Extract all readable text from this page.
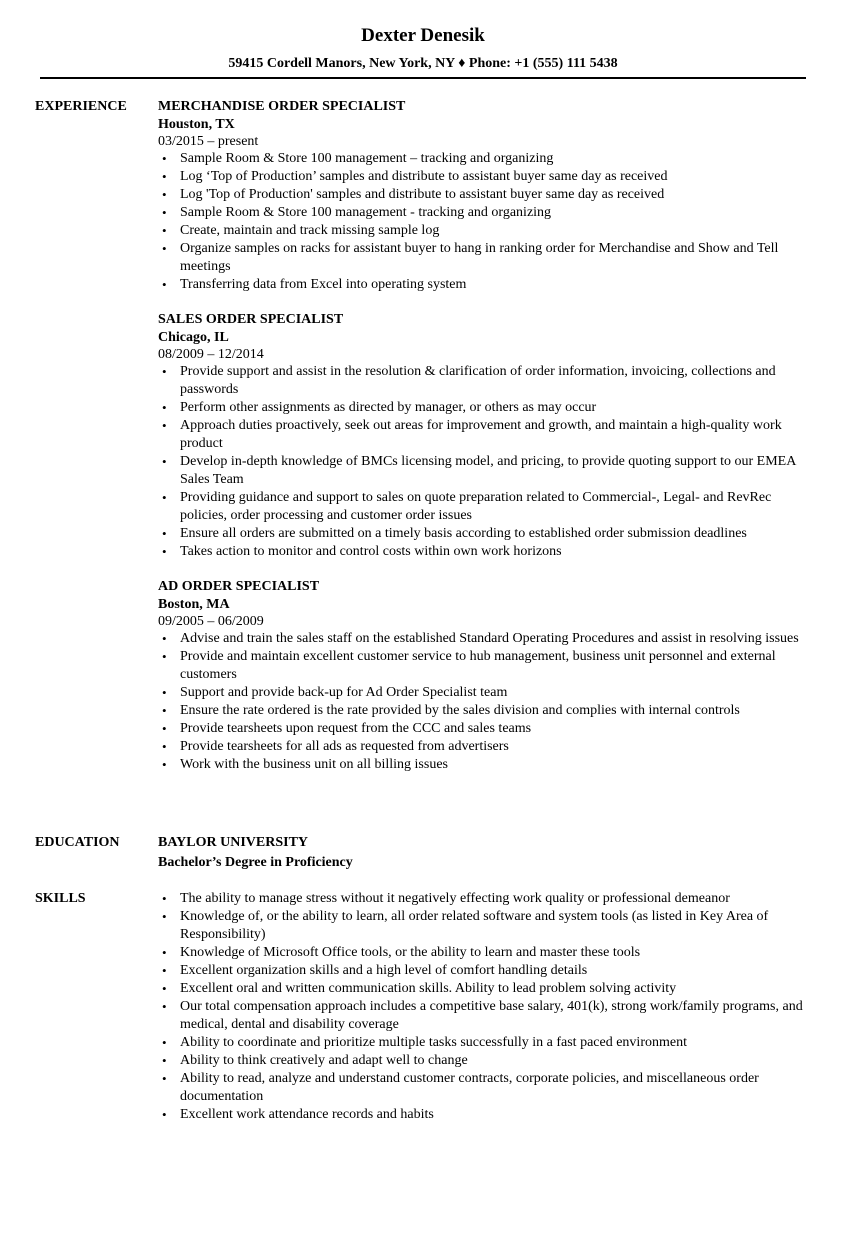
Dexter Denesik
59415 Cordell Manors, New York, NY ♦ Phone: +1 (555) 111 5438
EXPERIENCE	MERCHANDISE ORDER SPECIALIST
Houston, TX
03/2015 – present
• Sample Room & Store 100 management – tracking and organizing
• Log ‘Top of Production’ samples and distribute to assistant buyer same day as received
• Log 'Top of Production' samples and distribute to assistant buyer same day as received
• Sample Room & Store 100 management - tracking and organizing
• Create, maintain and track missing sample log
• Organize samples on racks for assistant buyer to hang in ranking order for Merchandise and Show and Tell meetings
• Transferring data from Excel into operating system
SALES ORDER SPECIALIST
Chicago, IL
08/2009 – 12/2014
• Provide support and assist in the resolution & clarification of order information, invoicing, collections and passwords
• Perform other assignments as directed by manager, or others as may occur
• Approach duties proactively, seek out areas for improvement and growth, and maintain a high-quality work product
• Develop in-depth knowledge of BMCs licensing model, and pricing, to provide quoting support to our EMEA Sales Team
• Providing guidance and support to sales on quote preparation related to Commercial-, Legal- and RevRec policies, order processing and customer order issues
• Ensure all orders are submitted on a timely basis according to established order submission deadlines
• Takes action to monitor and control costs within own work horizons
AD ORDER SPECIALIST
Boston, MA
09/2005 – 06/2009
• Advise and train the sales staff on the established Standard Operating Procedures and assist in resolving issues
• Provide and maintain excellent customer service to hub management, business unit personnel and external customers
• Support and provide back-up for Ad Order Specialist team
• Ensure the rate ordered is the rate provided by the sales division and complies with internal controls
• Provide tearsheets upon request from the CCC and sales teams
• Provide tearsheets for all ads as requested from advertisers
• Work with the business unit on all billing issues
EDUCATION	BAYLOR UNIVERSITY
Bachelor’s Degree in Proficiency
SKILLS
•	The ability to manage stress without it negatively effecting work quality or professional demeanor
• Knowledge of, or the ability to learn, all order related software and system tools (as listed in Key Area of Responsibility)
• Knowledge of Microsoft Office tools, or the ability to learn and master these tools
• Excellent organization skills and a high level of comfort handling details
• Excellent oral and written communication skills. Ability to lead problem solving activity
• Our total compensation approach includes a competitive base salary, 401(k), strong work/family programs, and medical, dental and disability coverage
• Ability to coordinate and prioritize multiple tasks successfully in a fast paced environment
• Ability to think creatively and adapt well to change
• Ability to read, analyze and understand customer contracts, corporate policies, and miscellaneous order documentation
• Excellent work attendance records and habits
